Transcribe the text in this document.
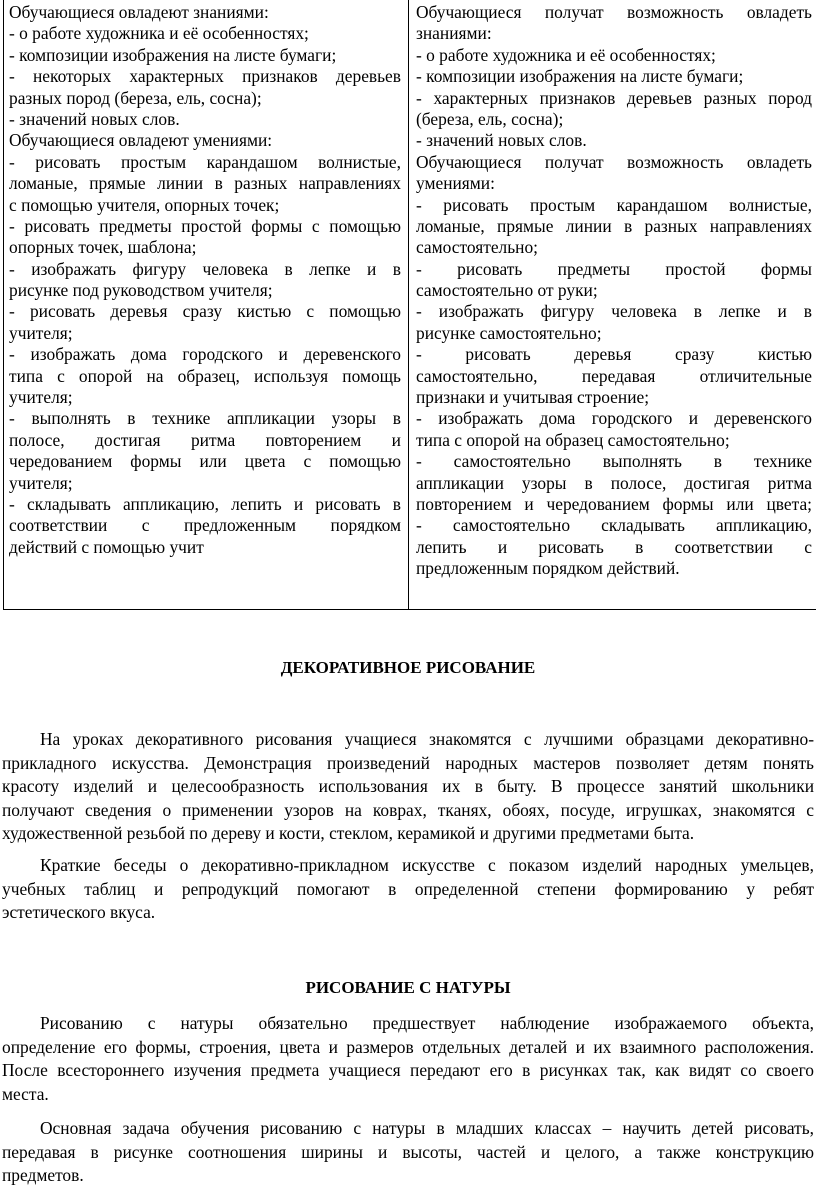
Обучающиеся овладеют знаниями:
- о работе художника и её особенностях;
- композиции изображения на листе бумаги;
- некоторых характерных признаков деревьев
разных пород (береза, ель, сосна);
- значений новых слов.
Обучающиеся овладеют умениями:
- рисовать простым карандашом волнистые,
ломаные, прямые линии в разных направлениях
с помощью учителя, опорных точек;
- рисовать предметы простой формы с помощью
опорных точек, шаблона;
- изображать фигуру человека в лепке и в
рисунке под руководством учителя;
- рисовать деревья сразу кистью с помощью
учителя;
- изображать дома городского и деревенского
типа с опорой на образец, используя помощь
учителя;
- выполнять в технике аппликации узоры в
полосе, достигая ритма повторением и
чередованием формы или цвета с помощью
учителя;
- складывать аппликацию, лепить и рисовать в
соответствии с предложенным порядком
действий с помощью учит
Обучающиеся получат возможность овладеть
знаниями:
- о работе художника и её особенностях;
- композиции изображения на листе бумаги;
- характерных признаков деревьев разных пород
(береза, ель, сосна);
- значений новых слов.
Обучающиеся получат возможность овладеть
умениями:
- рисовать простым карандашом волнистые,
ломаные, прямые линии в разных направлениях
самостоятельно;
- рисовать предметы простой формы
самостоятельно от руки;
- изображать фигуру человека в лепке и в
рисунке самостоятельно;
- рисовать деревья сразу кистью
самостоятельно, передавая отличительные
признаки и учитывая строение;
- изображать дома городского и деревенского
типа с опорой на образец самостоятельно;
- самостоятельно выполнять в технике
аппликации узоры в полосе, достигая ритма
повторением и чередованием формы или цвета;
- самостоятельно складывать аппликацию,
лепить и рисовать в соответствии с
предложенным порядком действий.
ДЕКОРАТИВНОЕ РИСОВАНИЕ
На уроках декоративного рисования учащиеся знакомятся с лучшими образцами декоративно-
прикладного искусства. Демонстрация произведений народных мастеров позволяет детям понять
красоту изделий и целесообразность использования их в быту. В процессе занятий школьники
получают сведения о применении узоров на коврах, тканях, обоях, посуде, игрушках, знакомятся с
художественной резьбой по дереву и кости, стеклом, керамикой и другими предметами быта.
Краткие беседы о декоративно-прикладном искусстве с показом изделий народных умельцев,
учебных таблиц и репродукций помогают в определенной степени формированию у ребят
эстетического вкуса.
РИСОВАНИЕ С НАТУРЫ
Рисованию с натуры обязательно предшествует наблюдение изображаемого объекта,
определение его формы, строения, цвета и размеров отдельных деталей и их взаимного расположения.
После всестороннего изучения предмета учащиеся передают его в рисунках так, как видят со своего
места.
Основная задача обучения рисованию с натуры в младших классах – научить детей рисовать,
передавая в рисунке соотношения ширины и высоты, частей и целого, а также конструкцию
предметов.
